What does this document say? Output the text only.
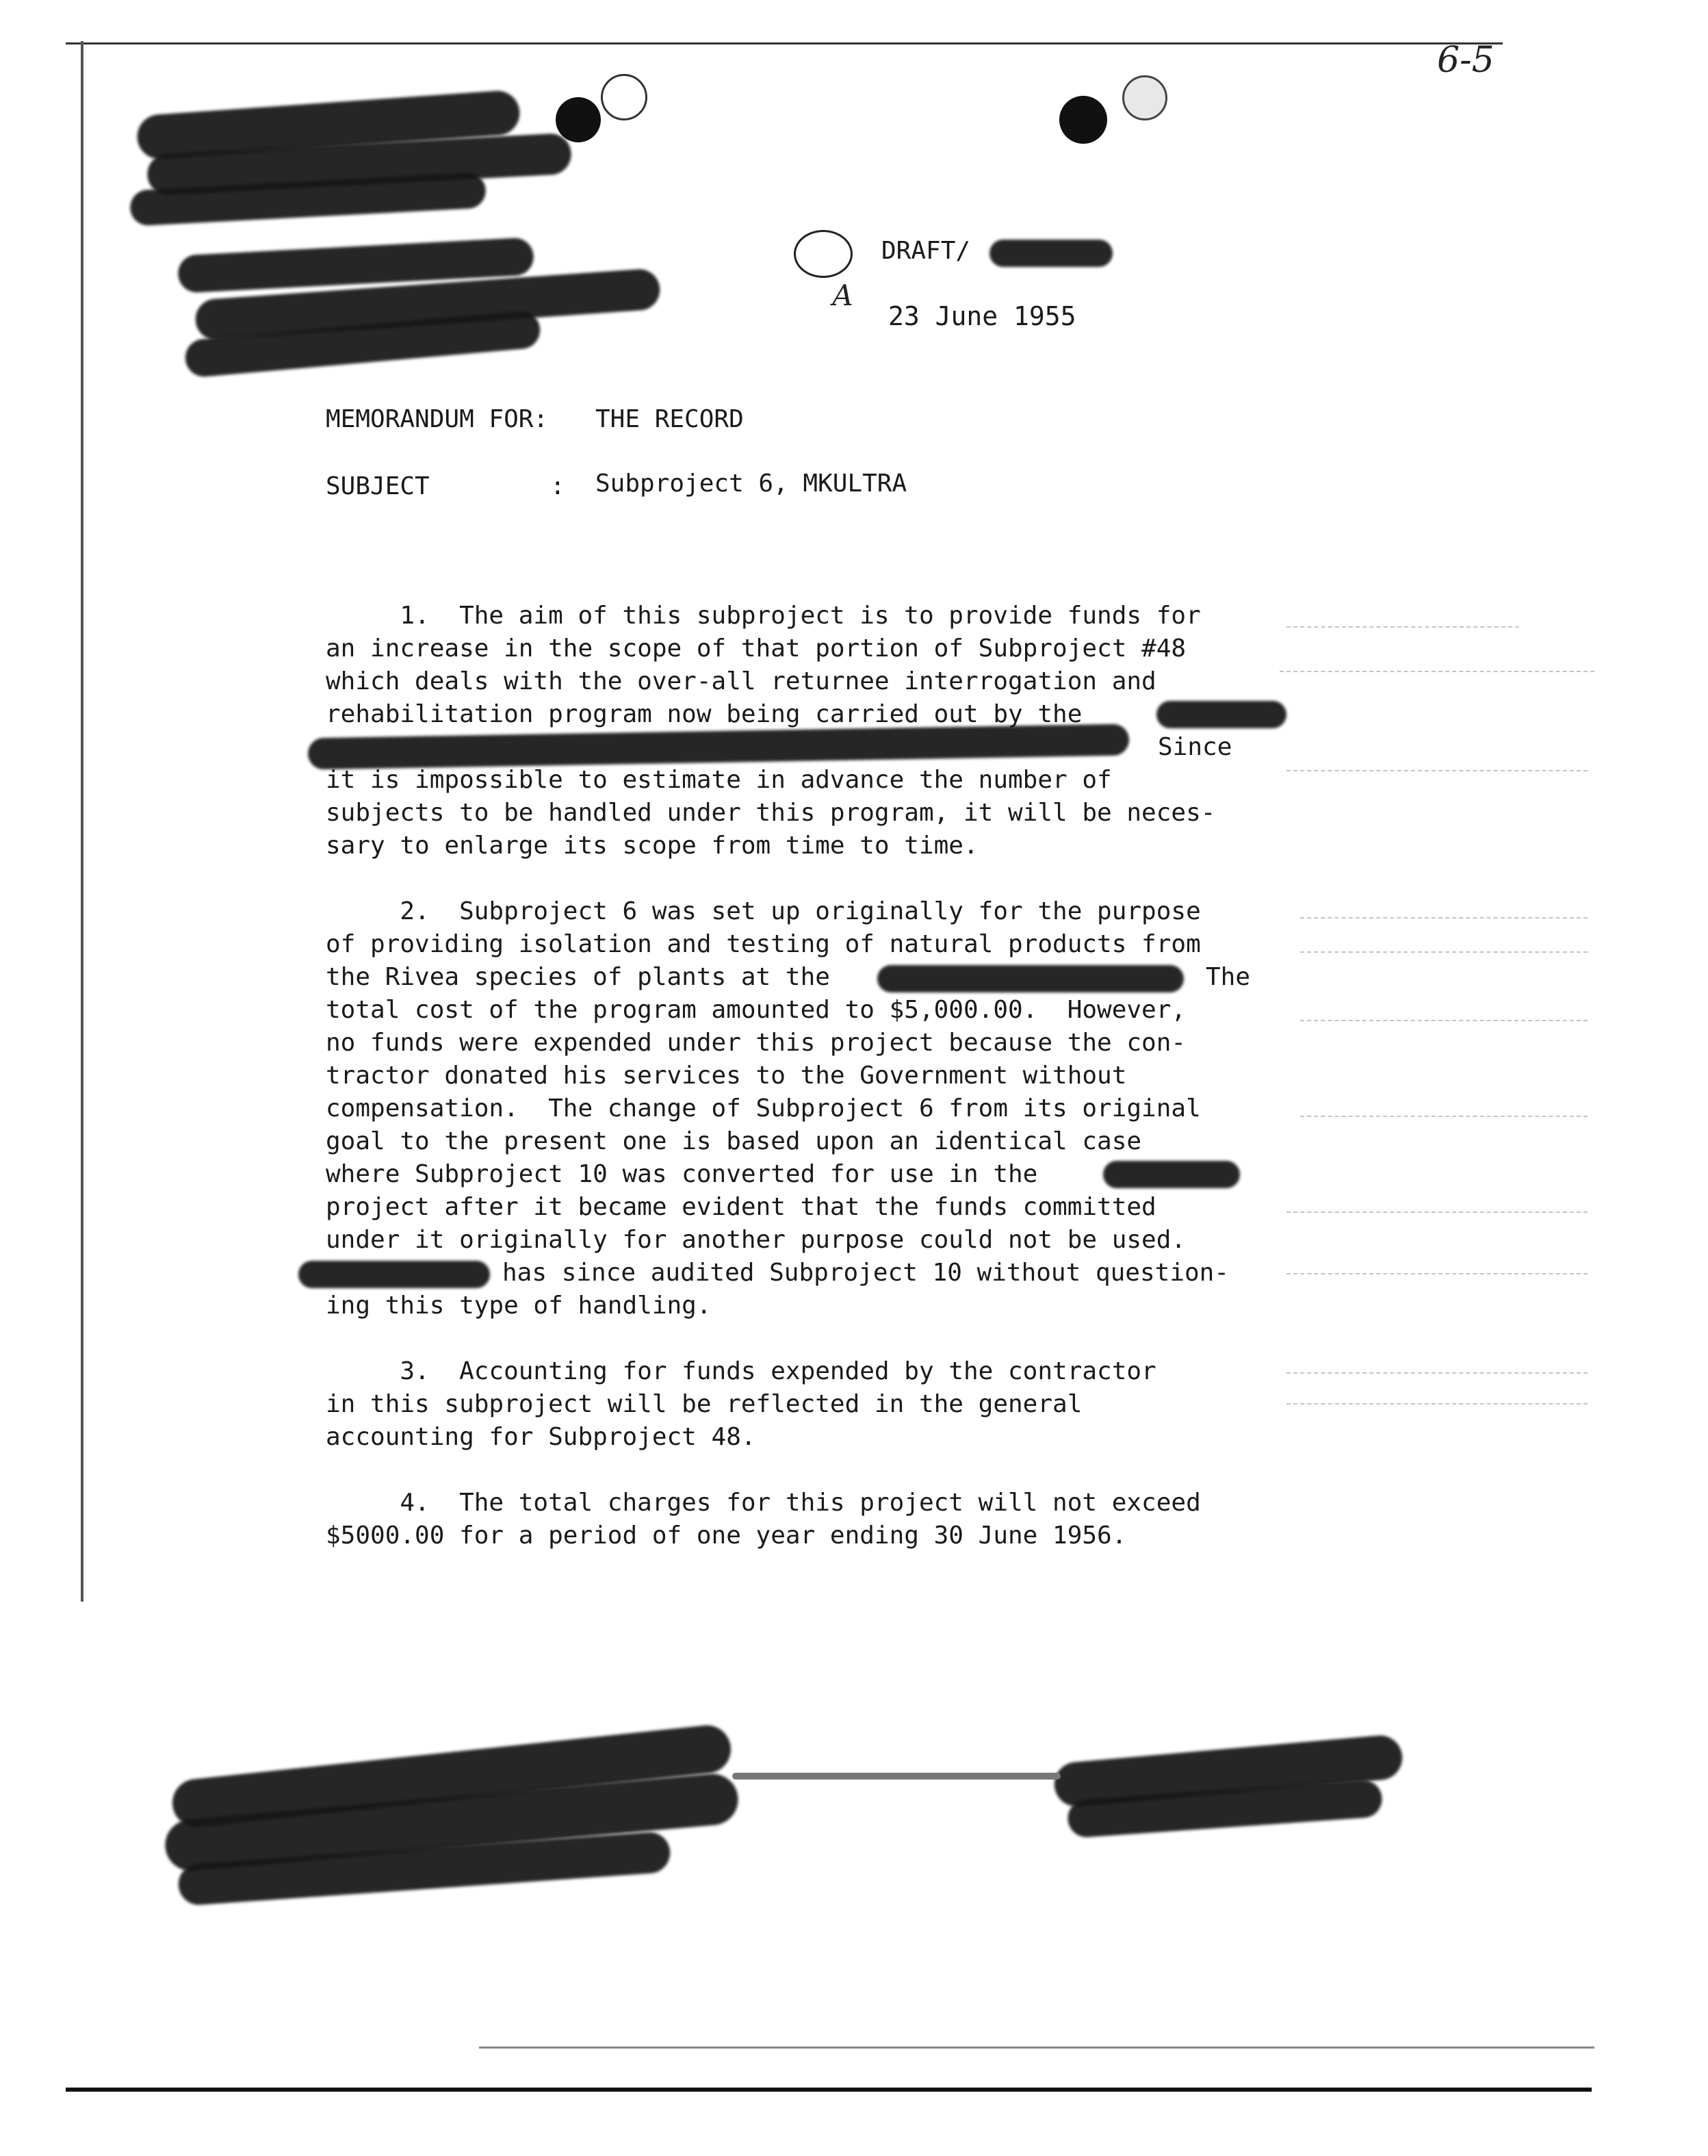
6-5

A

DRAFT/
23 June 1955
MEMORANDUM FOR: THE RECORD
SUBJECT	: Subproject 6, MKULTRA
1.  The aim of this subproject is to provide funds for
an increase in the scope of that portion of Subproject #48
which deals with the over-all returnee interrogation and
rehabilitation program now being carried out by the
Since
it is impossible to estimate in advance the number of
subjects to be handled under this program, it will be neces-
sary to enlarge its scope from time to time.
2.  Subproject 6 was set up originally for the purpose
of providing isolation and testing of natural products from
the Rivea species of plants at the	The
total cost of the program amounted to $5,000.00.  However,
no funds were expended under this project because the con-
tractor donated his services to the Government without
compensation.  The change of Subproject 6 from its original
goal to the present one is based upon an identical case
where Subproject 10 was converted for use in the
project after it became evident that the funds committed
under it originally for another purpose could not be used.
has since audited Subproject 10 without question-
ing this type of handling.
3.  Accounting for funds expended by the contractor
in this subproject will be reflected in the general
accounting for Subproject 48.
4.  The total charges for this project will not exceed
$5000.00 for a period of one year ending 30 June 1956.
